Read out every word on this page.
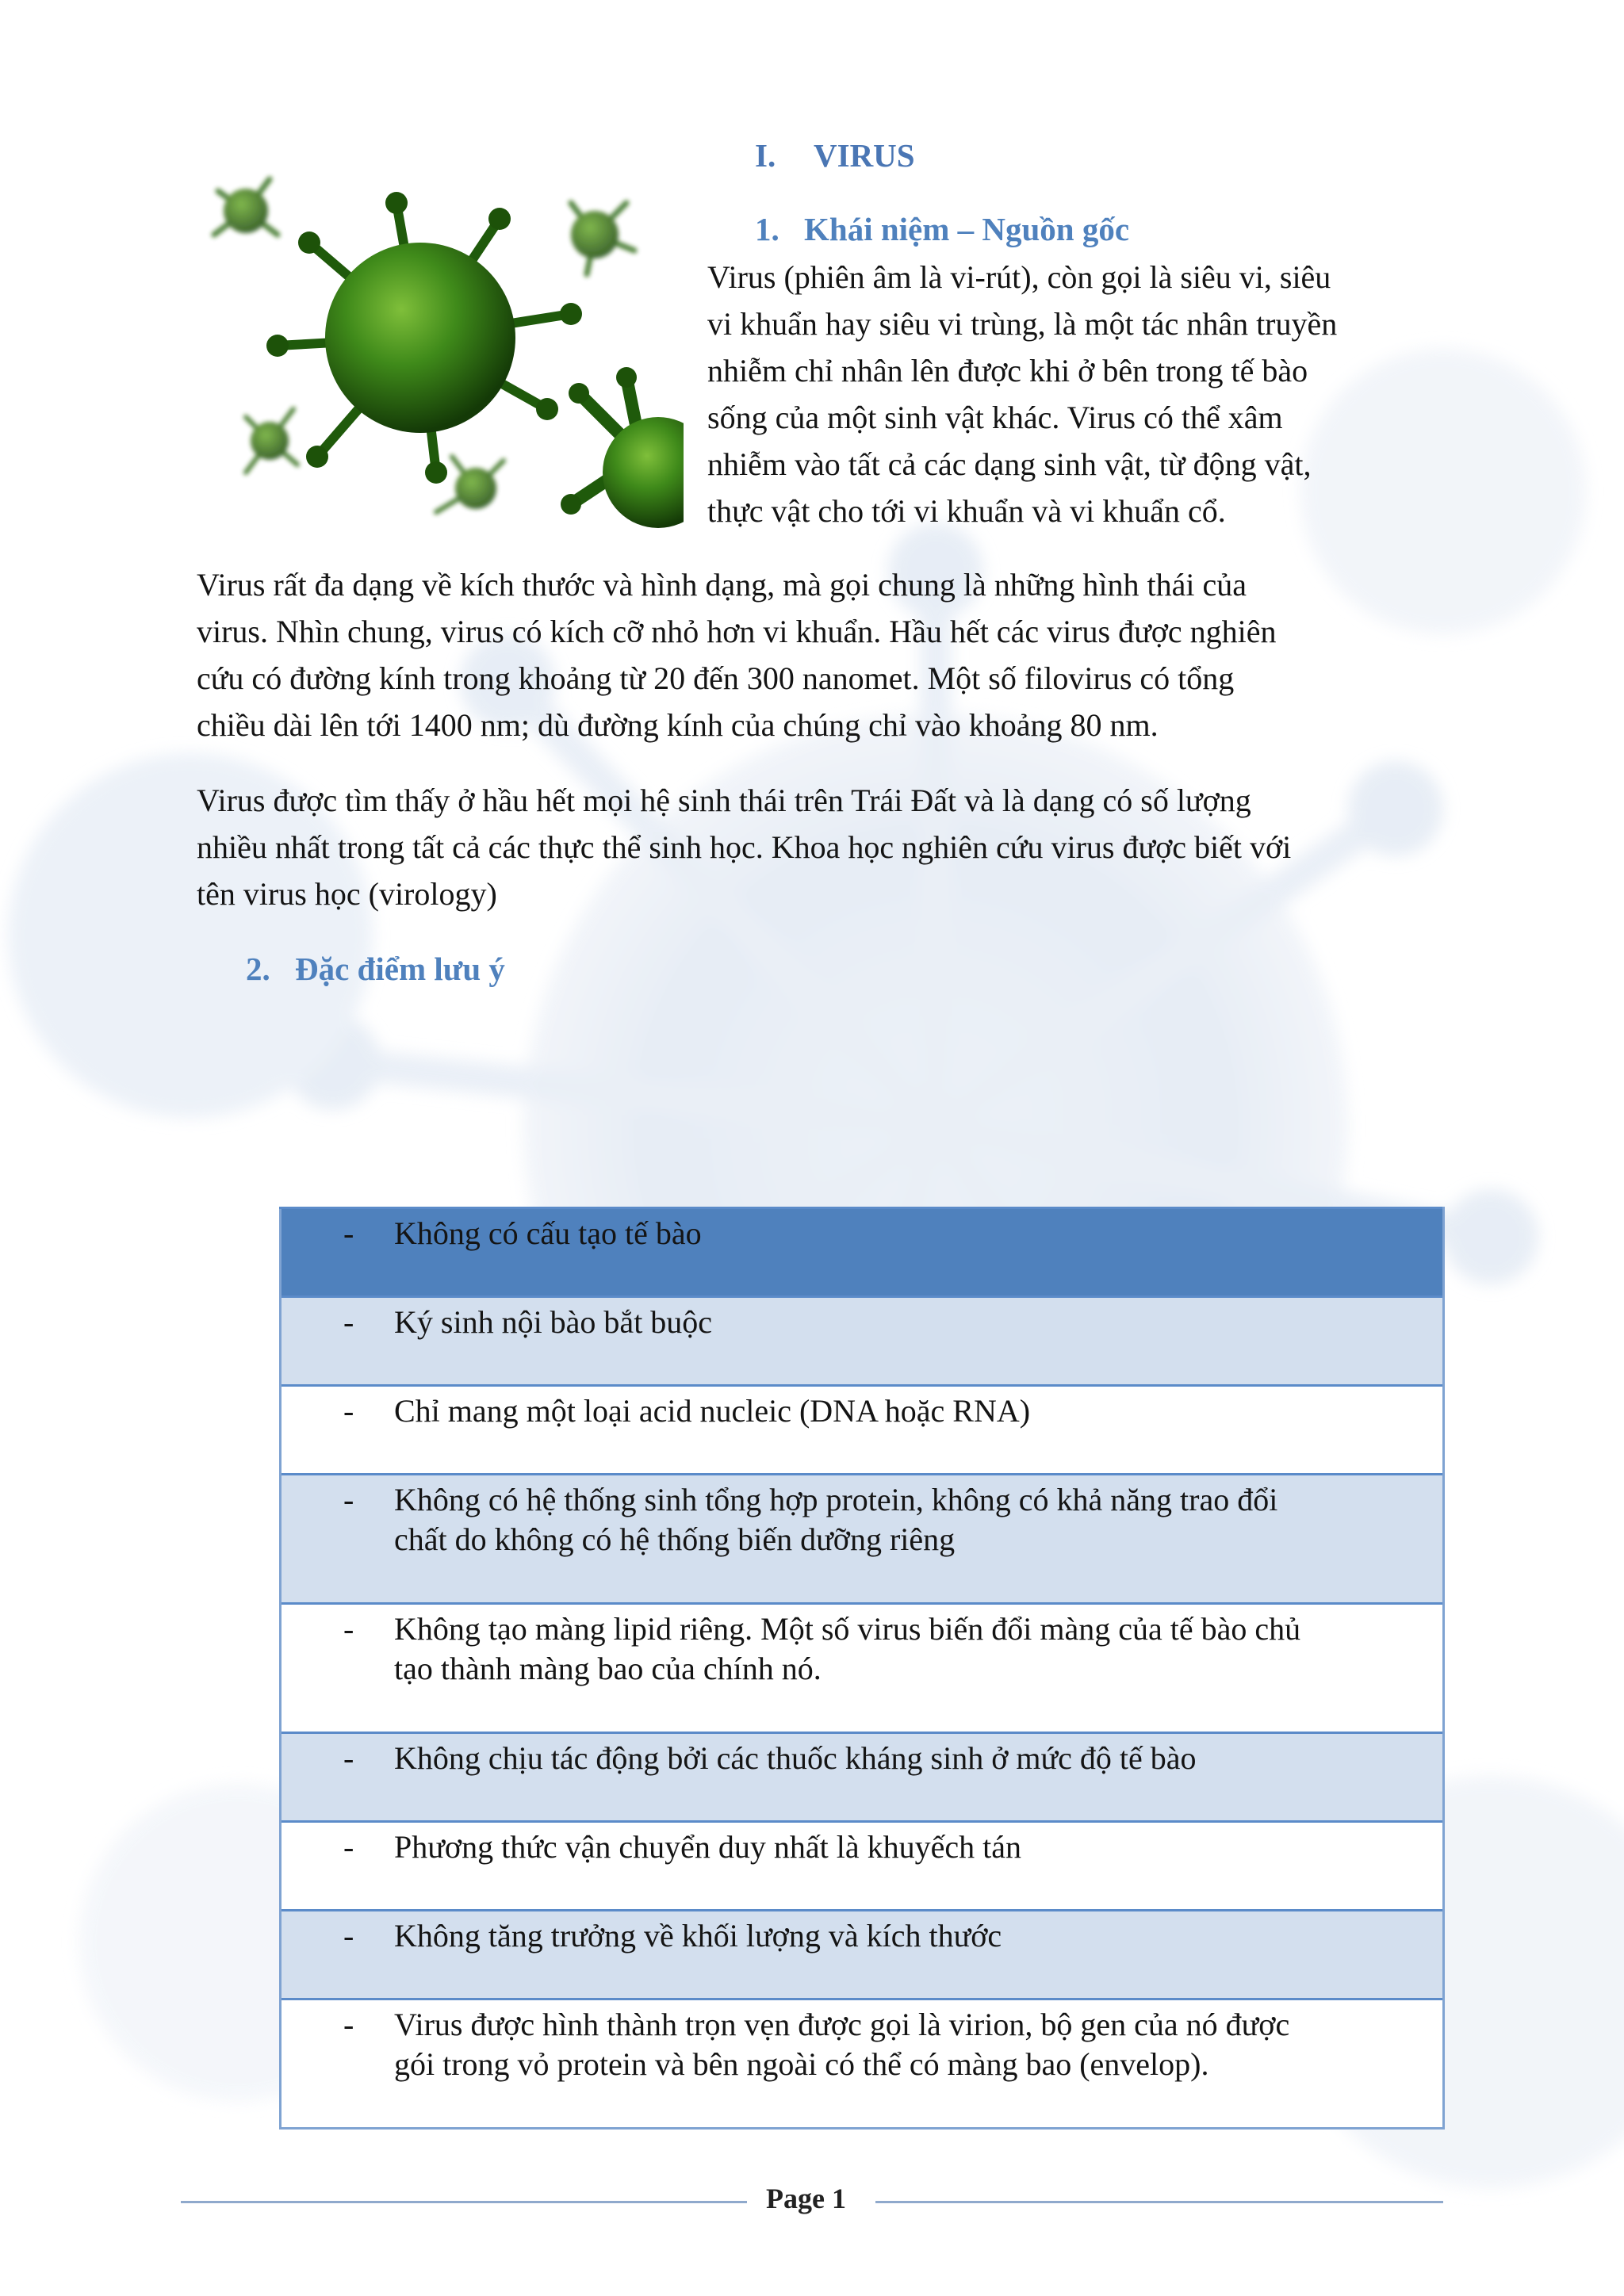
I. VIRUS
1. Khái niệm – Nguồn gốc
Virus (phiên âm là vi-rút), còn gọi là siêu vi, siêu
vi khuẩn hay siêu vi trùng, là một tác nhân truyền
nhiễm chỉ nhân lên được khi ở bên trong tế bào
sống của một sinh vật khác. Virus có thể xâm
nhiễm vào tất cả các dạng sinh vật, từ động vật,
thực vật cho tới vi khuẩn và vi khuẩn cổ.
Virus rất đa dạng về kích thước và hình dạng, mà gọi chung là những hình thái của
virus. Nhìn chung, virus có kích cỡ nhỏ hơn vi khuẩn. Hầu hết các virus được nghiên
cứu có đường kính trong khoảng từ 20 đến 300 nanomet. Một số filovirus có tổng
chiều dài lên tới 1400 nm; dù đường kính của chúng chỉ vào khoảng 80 nm.
Virus được tìm thấy ở hầu hết mọi hệ sinh thái trên Trái Đất và là dạng có số lượng
nhiều nhất trong tất cả các thực thể sinh học. Khoa học nghiên cứu virus được biết với
tên virus học (virology)
2. Đặc điểm lưu ý
- Không có cấu tạo tế bào

- Ký sinh nội bào bắt buộc

- Chỉ mang một loại acid nucleic (DNA hoặc RNA)

- Không có hệ thống sinh tổng hợp protein, không có khả năng trao đổi
chất do không có hệ thống biến dưỡng riêng

- Không tạo màng lipid riêng. Một số virus biến đổi màng của tế bào chủ
tạo thành màng bao của chính nó.

- Không chịu tác động bởi các thuốc kháng sinh ở mức độ tế bào

- Phương thức vận chuyển duy nhất là khuyếch tán

- Không tăng trưởng về khối lượng và kích thước

- Virus được hình thành trọn vẹn được gọi là virion, bộ gen của nó được
gói trong vỏ protein và bên ngoài có thể có màng bao (envelop).
Page 1
